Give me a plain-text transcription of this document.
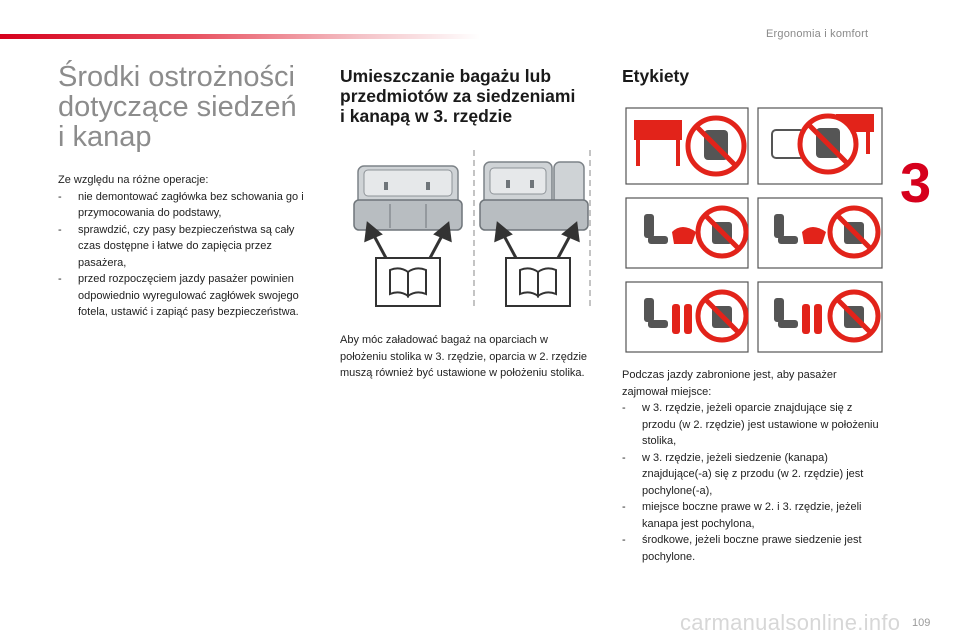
Ergonomia i komfort
3
109
carmanualsonline.info
Środki ostrożności
dotyczące siedzeń
i kanap
Ze względu na różne operacje:
-	nie demontować zagłówka bez schowania go i przymocowania do podstawy,
-	sprawdzić, czy pasy bezpieczeństwa są cały czas dostępne i łatwe do zapięcia przez pasażera,
-	przed rozpoczęciem jazdy pasażer powinien odpowiednio wyregulować zagłówek swojego fotela, ustawić i zapiąć pasy bezpieczeństwa.
Umieszczanie bagażu lub
przedmiotów za siedzeniami
i kanapą w 3. rzędzie
Aby móc załadować bagaż na oparciach w położeniu stolika w 3. rzędzie, oparcia w 2. rzędzie muszą również być ustawione w położeniu stolika.
Etykiety
Podczas jazdy zabronione jest, aby pasażer zajmował miejsce:
-	w 3. rzędzie, jeżeli oparcie znajdujące się z przodu (w 2. rzędzie) jest ustawione w położeniu stolika,
-	w 3. rzędzie, jeżeli siedzenie (kanapa) znajdujące(-a) się z przodu (w 2. rzędzie) jest pochylone(-a),
-	miejsce boczne prawe w 2. i 3. rzędzie, jeżeli kanapa jest pochylona,
-	środkowe, jeżeli boczne prawe siedzenie jest pochylone.
